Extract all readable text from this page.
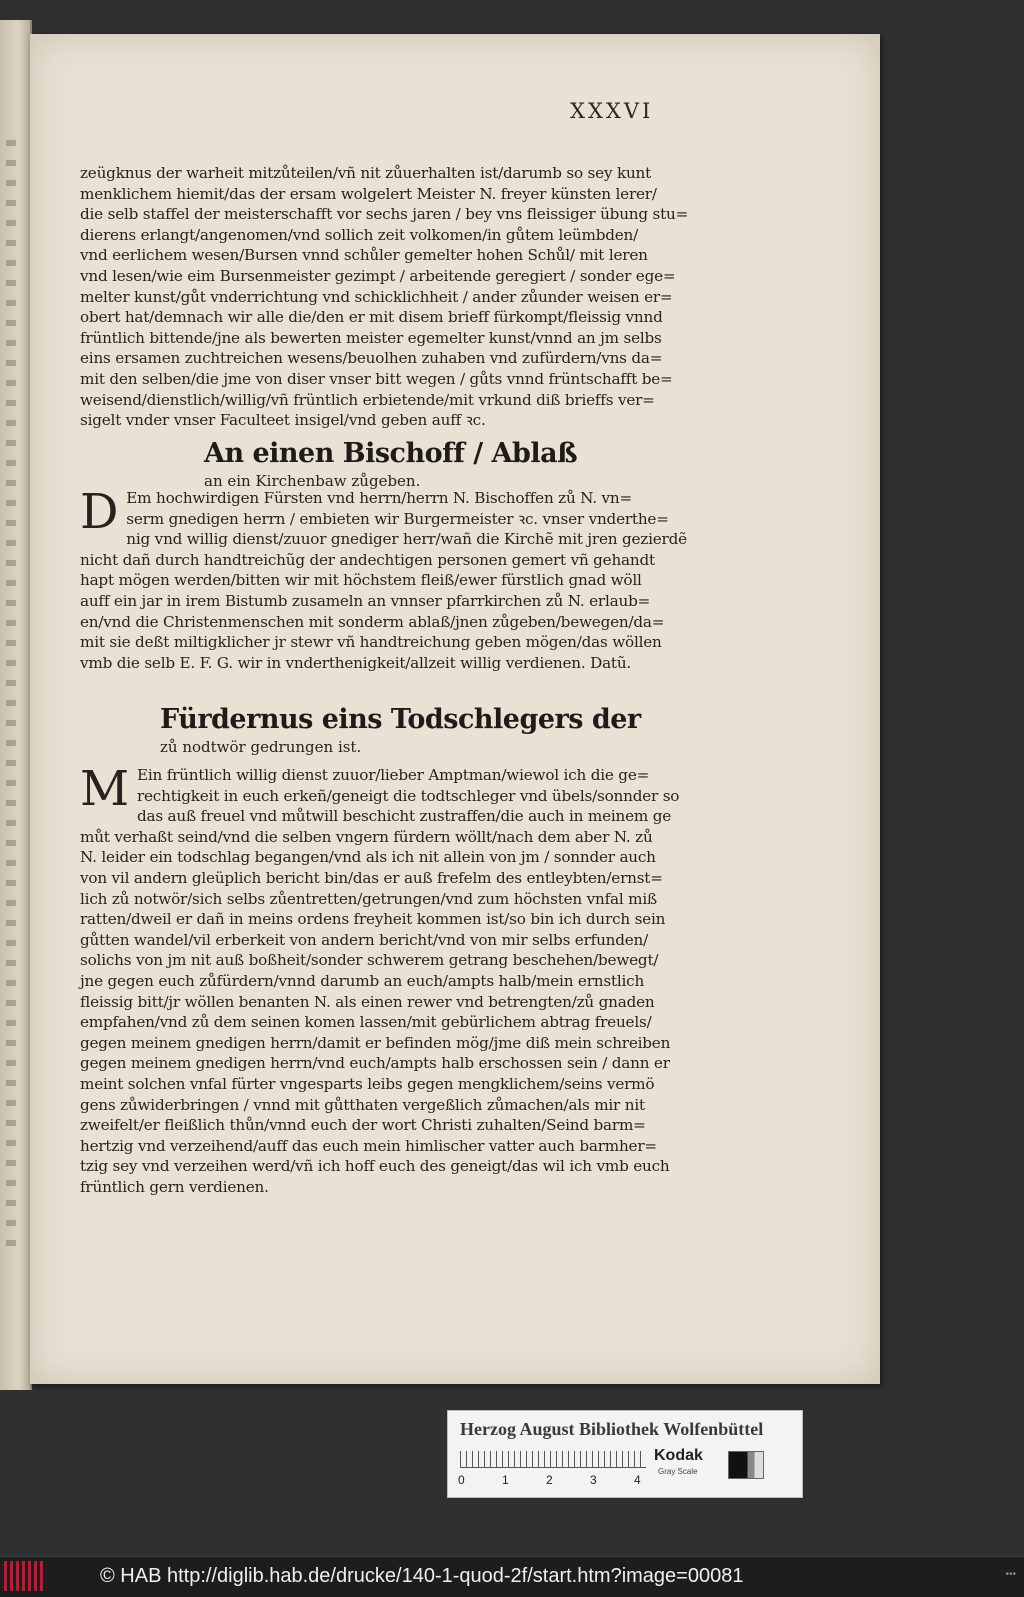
XXXVI

zeügknus der warheit mitzůteilen/vñ nit zůuerhalten ist/darumb so sey kunt

menklichem hiemit/das der ersam wolgelert Meister N. freyer künsten lerer/

die selb staffel der meisterschafft vor sechs jaren / bey vns fleissiger übung stu=

dierens erlangt/angenomen/vnd sollich zeit volkomen/in gůtem leümbden/

vnd eerlichem wesen/Bursen vnnd schůler gemelter hohen Schůl/ mit leren

vnd lesen/wie eim Bursenmeister gezimpt / arbeitende geregiert / sonder ege=

melter kunst/gůt vnderrichtung vnd schicklichheit / ander zůunder weisen er=

obert hat/demnach wir alle die/den er mit disem brieff fürkompt/fleissig vnnd

früntlich bittende/jne als bewerten meister egemelter kunst/vnnd an jm selbs

eins ersamen zuchtreichen wesens/beuolhen zuhaben vnd zufürdern/vns da=

mit den selben/die jme von diser vnser bitt wegen / gůts vnnd früntschafft be=

weisend/dienstlich/willig/vñ früntlich erbietende/mit vrkund diß brieffs ver=

sigelt vnder vnser Faculteet insigel/vnd geben auff ꝛc.

An einen Bischoff / Ablaß
an ein Kirchenbaw zůgeben.
D Em hochwirdigen Fürsten vnd herrn/herrn N. Bischoffen zů N. vn=

serm gnedigen herrn / embieten wir Burgermeister ꝛc. vnser vnderthe=

nig vnd willig dienst/zuuor gnediger herr/wañ die Kirchẽ mit jren gezierdẽ

nicht dañ durch handtreichũg der andechtigen personen gemert vñ gehandt

hapt mögen werden/bitten wir mit höchstem fleiß/ewer fürstlich gnad wöll

auff ein jar in irem Bistumb zusameln an vnnser pfarrkirchen zů N. erlaub=

en/vnd die Christenmenschen mit sonderm ablaß/jnen zůgeben/bewegen/da=

mit sie deßt miltigklicher jr stewr vñ handtreichung geben mögen/das wöllen

vmb die selb E. F. G. wir in vnderthenigkeit/allzeit willig verdienen. Datũ.

Fürdernus eins Todschlegers der
zů nodtwör gedrungen ist.
M Ein früntlich willig dienst zuuor/lieber Amptman/wiewol ich die ge=

rechtigkeit in euch erkeñ/geneigt die todtschleger vnd übels/sonnder so

das auß freuel vnd můtwill beschicht zustraffen/die auch in meinem ge

můt verhaßt seind/vnd die selben vngern fürdern wöllt/nach dem aber N. zů

N. leider ein todschlag begangen/vnd als ich nit allein von jm / sonnder auch

von vil andern gleüplich bericht bin/das er auß frefelm des entleybten/ernst=

lich zů notwör/sich selbs zůentretten/getrungen/vnd zum höchsten vnfal miß

ratten/dweil er dañ in meins ordens freyheit kommen ist/so bin ich durch sein

gůtten wandel/vil erberkeit von andern bericht/vnd von mir selbs erfunden/

solichs von jm nit auß boßheit/sonder schwerem getrang beschehen/bewegt/

jne gegen euch zůfürdern/vnnd darumb an euch/ampts halb/mein ernstlich

fleissig bitt/jr wöllen benanten N. als einen rewer vnd betrengten/zů gnaden

empfahen/vnd zů dem seinen komen lassen/mit gebürlichem abtrag freuels/

gegen meinem gnedigen herrn/damit er befinden mög/jme diß mein schreiben

gegen meinem gnedigen herrn/vnd euch/ampts halb erschossen sein / dann er

meint solchen vnfal fürter vngesparts leibs gegen mengklichem/seins vermö

gens zůwiderbringen / vnnd mit gůtthaten vergeßlich zůmachen/als mir nit

zweifelt/er fleißlich thůn/vnnd euch der wort Christi zuhalten/Seind barm=

hertzig vnd verzeihend/auff das euch mein himlischer vatter auch barmher=

tzig sey vnd verzeihen werd/vñ ich hoff euch des geneigt/das wil ich vmb euch

früntlich gern verdienen.

Herzog August Bibliothek Wolfenbüttel
0	1	2	3	4
Kodak
Gray Scale
© HAB http://diglib.hab.de/drucke/140-1-quod-2f/start.htm?image=00081	•••
